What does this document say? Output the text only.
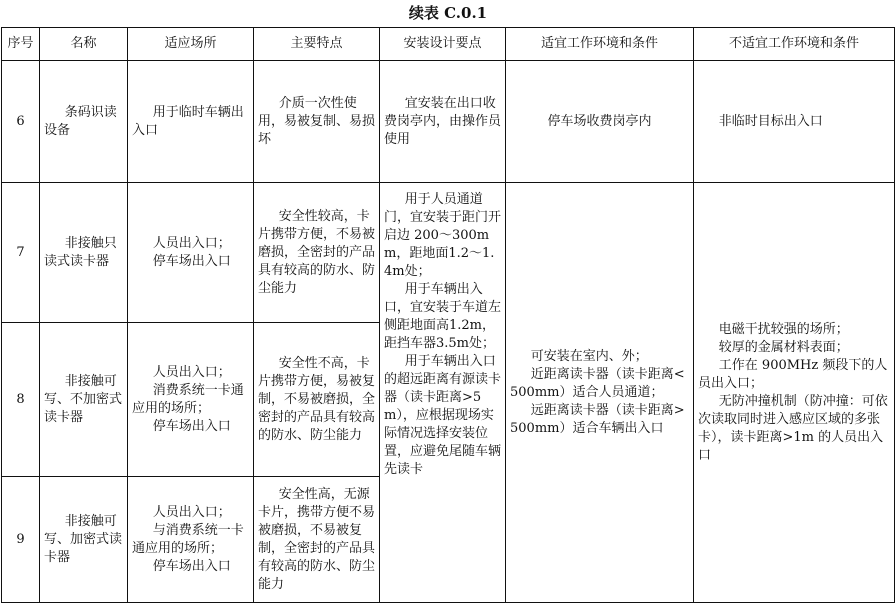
续表 C.0.1
序号	名称	适应场所	主要特点	安装设计要点	适宜工作环境和条件	不适宜工作环境和条件
6	条码识读设备	用于临时车辆出入口	介质一次性使用，易被复制、易损坏	宜安装在出口收费岗亭内，由操作员使用	停车场收费岗亭内	非临时目标出入口

7	非接触只读式读卡器	人员出入口；
停车场出入口	安全性较高，卡片携带方便，不易被磨损，全密封的产品具有较高的防水、防尘能力	用于人员通道门，宜安装于距门开启边 200～300mm，距地面1.2～1.4m处；
用于车辆出入口，宜安装于车道左侧距地面高1.2m，距挡车器3.5m处；
用于车辆出入口的超远距离有源读卡器（读卡距离>5m），应根据现场实际情况选择安装位置，应避免尾随车辆先读卡	可安装在室内、外；
近距离读卡器（读卡距离<500mm）适合人员通道；
远距离读卡器（读卡距离>500mm）适合车辆出入口	电磁干扰较强的场所；
较厚的金属材料表面；
工作在 900MHz 频段下的人员出入口；
无防冲撞机制（防冲撞：可依次读取同时进入感应区域的多张卡），读卡距离>1m 的人员出入口

8	非接触可写、不加密式读卡器	人员出入口；
消费系统一卡通应用的场所；
停车场出入口	安全性不高，卡片携带方便，易被复制，不易被磨损，全密封的产品具有较高的防水、防尘能力			
9	非接触可写、加密式读卡器	人员出入口；
与消费系统一卡通应用的场所；
停车场出入口	安全性高，无源卡片，携带方便不易被磨损，不易被复制，全密封的产品具有较高的防水、防尘能力			
